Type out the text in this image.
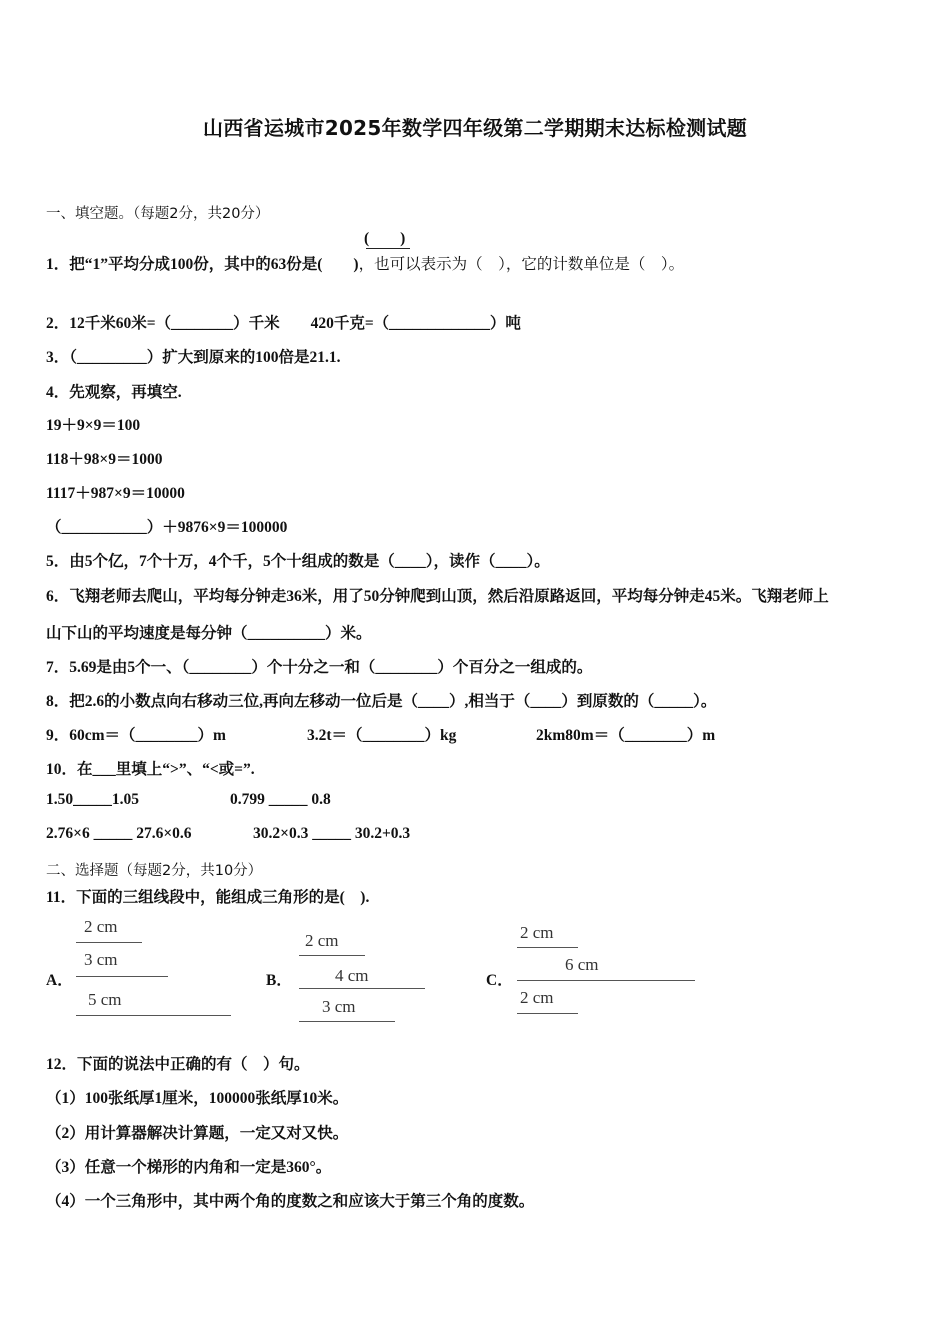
山西省运城市2025年数学四年级第二学期期末达标检测试题
一、填空题。（每题2分，共20分）
(　　)
1．把“1”平均分成100份，其中的63份是(　　)，也可以表示为（　），它的计数单位是（　）。
2．12千米60米=（________）千米　　420千克=（_____________）吨
3．（_________）扩大到原来的100倍是21.1.
4．先观察，再填空.
19＋9×9＝100
118＋98×9＝1000
1117＋987×9＝10000
（___________）＋9876×9＝100000
5．由5个亿，7个十万，4个千，5个十组成的数是（____），读作（____）。
6．飞翔老师去爬山，平均每分钟走36米，用了50分钟爬到山顶，然后沿原路返回，平均每分钟走45米。飞翔老师上
山下山的平均速度是每分钟（__________）米。
7．5.69是由5个一、（________）个十分之一和（________）个百分之一组成的。
8．把2.6的小数点向右移动三位,再向左移动一位后是（____）,相当于（____）到原数的（_____）。
9．60cm＝（________）m	3.2t＝（________）kg	2km80m＝（________）m
10．在___里填上“>”、“<或=”.
1.50_____1.05	0.799 _____ 0.8
2.76×6 _____ 27.6×0.6	30.2×0.3 _____ 30.2+0.3
二、选择题（每题2分，共10分）
11．下面的三组线段中，能组成三角形的是(　).
A．
2 cm
3 cm
5 cm
B．
2 cm
4 cm
3 cm
C．
2 cm
6 cm
2 cm
12．下面的说法中正确的有（　）句。
（1）100张纸厚1厘米，100000张纸厚10米。
（2）用计算器解决计算题，一定又对又快。
（3）任意一个梯形的内角和一定是360°。
（4）一个三角形中，其中两个角的度数之和应该大于第三个角的度数。
